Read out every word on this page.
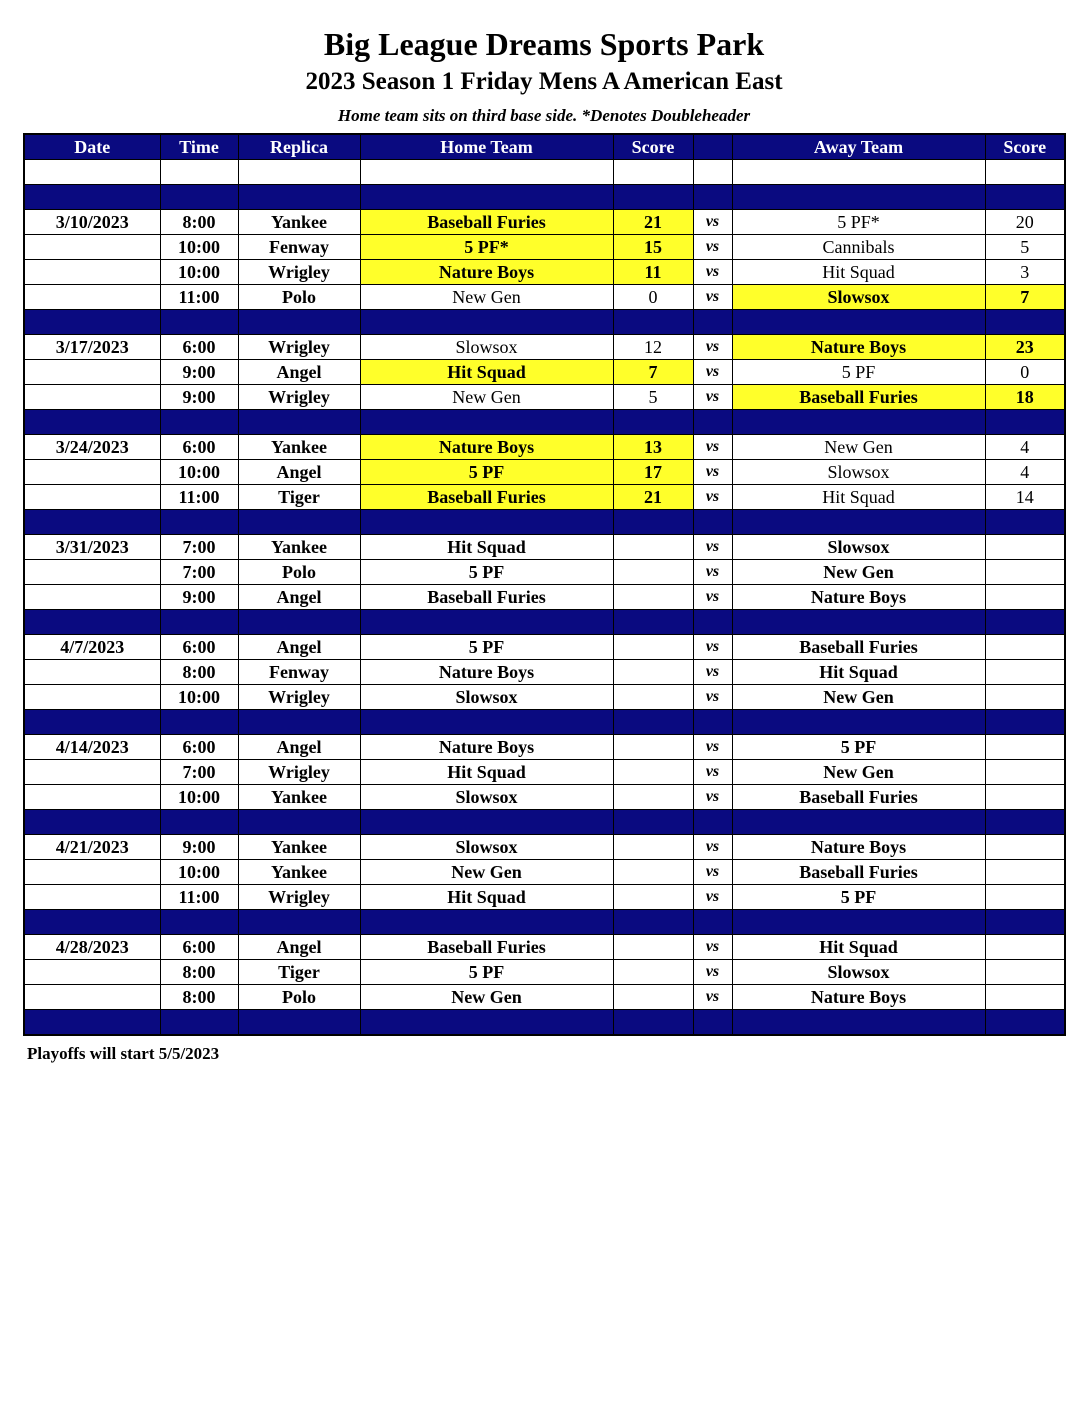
Big League Dreams Sports Park
2023 Season 1 Friday Mens A American East
Home team sits on third base side. *Denotes Doubleheader
Date	Time	Replica	Home Team	Score		Away Team	Score

3/10/2023	8:00	Yankee	Baseball Furies	21	vs	5 PF*	20
	10:00	Fenway	5 PF*	15	vs	Cannibals	5
	10:00	Wrigley	Nature Boys	11	vs	Hit Squad	3
	11:00	Polo	New Gen	0	vs	Slowsox	7

3/17/2023	6:00	Wrigley	Slowsox	12	vs	Nature Boys	23
	9:00	Angel	Hit Squad	7	vs	5 PF	0
	9:00	Wrigley	New Gen	5	vs	Baseball Furies	18

3/24/2023	6:00	Yankee	Nature Boys	13	vs	New Gen	4
	10:00	Angel	5 PF	17	vs	Slowsox	4
	11:00	Tiger	Baseball Furies	21	vs	Hit Squad	14

3/31/2023	7:00	Yankee	Hit Squad		vs	Slowsox	
	7:00	Polo	5 PF		vs	New Gen	
	9:00	Angel	Baseball Furies		vs	Nature Boys	

4/7/2023	6:00	Angel	5 PF		vs	Baseball Furies	
	8:00	Fenway	Nature Boys		vs	Hit Squad	
	10:00	Wrigley	Slowsox		vs	New Gen	

4/14/2023	6:00	Angel	Nature Boys		vs	5 PF	
	7:00	Wrigley	Hit Squad		vs	New Gen	
	10:00	Yankee	Slowsox		vs	Baseball Furies	

4/21/2023	9:00	Yankee	Slowsox		vs	Nature Boys	
	10:00	Yankee	New Gen		vs	Baseball Furies	
	11:00	Wrigley	Hit Squad		vs	5 PF	

4/28/2023	6:00	Angel	Baseball Furies		vs	Hit Squad	
	8:00	Tiger	5 PF		vs	Slowsox	
	8:00	Polo	New Gen		vs	Nature Boys	

Playoffs will start 5/5/2023
